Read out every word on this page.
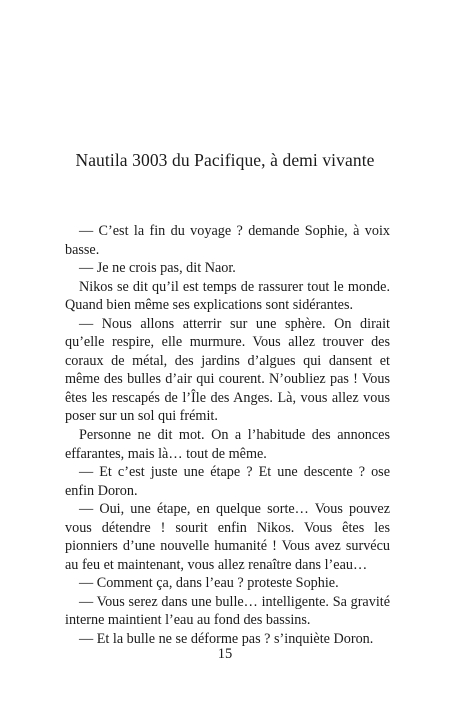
Nautila 3003 du Pacifique, à demi vivante

— C’est la fin du voyage ? demande Sophie, à voix basse.

— Je ne crois pas, dit Naor.

Nikos se dit qu’il est temps de rassurer tout le monde. Quand bien même ses explications sont sidérantes.

— Nous allons atterrir sur une sphère. On dirait qu’elle respire, elle murmure. Vous allez trouver des coraux de métal, des jardins d’algues qui dansent et même des bulles d’air qui courent. N’oubliez pas ! Vous êtes les rescapés de l’Île des Anges. Là, vous allez vous poser sur un sol qui frémit.

Personne ne dit mot. On a l’habitude des annonces effarantes, mais là… tout de même.

— Et c’est juste une étape ? Et une descente ? ose enfin Doron.

— Oui, une étape, en quelque sorte… Vous pouvez vous détendre ! sourit enfin Nikos. Vous êtes les pionniers d’une nouvelle humanité ! Vous avez survécu au feu et maintenant, vous allez renaître dans l’eau…

— Comment ça, dans l’eau ? proteste Sophie.

— Vous serez dans une bulle… intelligente. Sa gravité interne maintient l’eau au fond des bassins.

— Et la bulle ne se déforme pas ? s’inquiète Doron.

15
